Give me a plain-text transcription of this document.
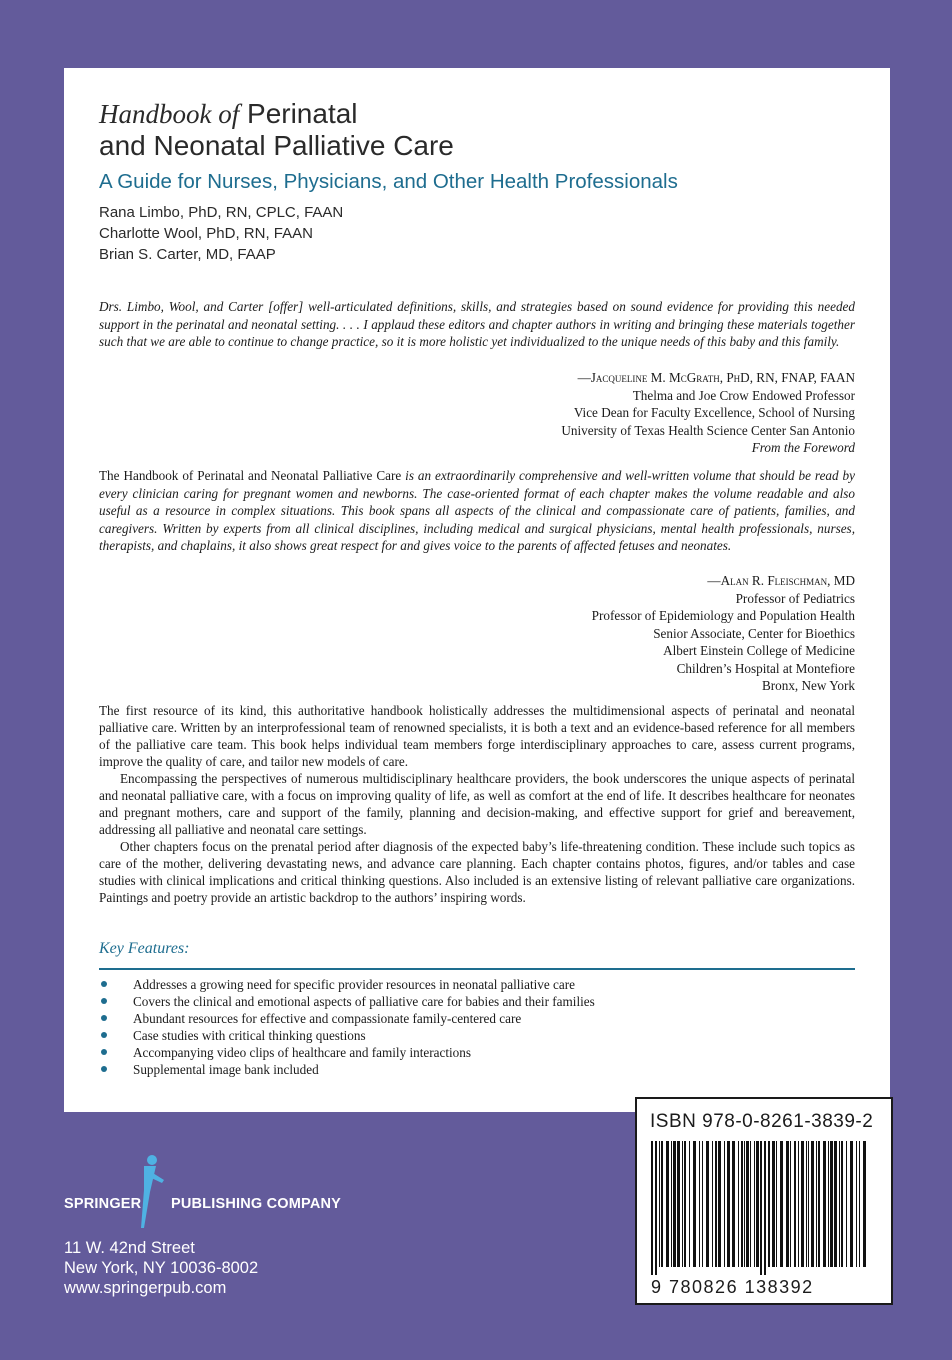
Handbook of Perinatal
and Neonatal Palliative Care
A Guide for Nurses, Physicians, and Other Health Professionals
Rana Limbo, PhD, RN, CPLC, FAAN
Charlotte Wool, PhD, RN, FAAN
Brian S. Carter, MD, FAAP
Drs. Limbo, Wool, and Carter [offer] well-articulated definitions, skills, and strategies based on sound evidence for providing this needed support in the perinatal and neonatal setting. . . . I applaud these editors and chapter authors in writing and bringing these materials together such that we are able to continue to change practice, so it is more holistic yet individualized to the unique needs of this baby and this family.
—Jacqueline M. McGrath, PhD, RN, FNAP, FAAN
Thelma and Joe Crow Endowed Professor
Vice Dean for Faculty Excellence, School of Nursing
University of Texas Health Science Center San Antonio
From the Foreword
The Handbook of Perinatal and Neonatal Palliative Care is an extraordinarily comprehensive and well-written volume that should be read by every clinician caring for pregnant women and newborns. The case-oriented format of each chapter makes the volume readable and also useful as a resource in complex situations. This book spans all aspects of the clinical and compassionate care of patients, families, and caregivers. Written by experts from all clinical disciplines, including medical and surgical physicians, mental health professionals, nurses, therapists, and chaplains, it also shows great respect for and gives voice to the parents of affected fetuses and neonates.
—Alan R. Fleischman, MD
Professor of Pediatrics
Professor of Epidemiology and Population Health
Senior Associate, Center for Bioethics
Albert Einstein College of Medicine
Children’s Hospital at Montefiore
Bronx, New York

The first resource of its kind, this authoritative handbook holistically addresses the multidimensional aspects of perinatal and neonatal palliative care. Written by an interprofessional team of renowned specialists, it is both a text and an evidence-based reference for all members of the palliative care team. This book helps individual team members forge interdisciplinary approaches to care, assess current programs, improve the quality of care, and tailor new models of care.

Encompassing the perspectives of numerous multidisciplinary healthcare providers, the book underscores the unique aspects of perinatal and neonatal palliative care, with a focus on improving quality of life, as well as comfort at the end of life. It describes healthcare for neonates and pregnant mothers, care and support of the family, planning and decision-making, and effective support for grief and bereavement, addressing all palliative and neonatal care settings.

Other chapters focus on the prenatal period after diagnosis of the expected baby’s life-threatening condition. These include such topics as care of the mother, delivering devastating news, and advance care planning. Each chapter contains photos, figures, and/or tables and case studies with clinical implications and critical thinking questions. Also included is an extensive listing of relevant palliative care organizations. Paintings and poetry provide an artistic backdrop to the authors’ inspiring words.

Key Features:
Addresses a growing need for specific provider resources in neonatal palliative care
Covers the clinical and emotional aspects of palliative care for babies and their families
Abundant resources for effective and compassionate family-centered care
Case studies with critical thinking questions
Accompanying video clips of healthcare and family interactions
Supplemental image bank included
ISBN 978-0-8261-3839-2
9 780826 138392
SPRINGER PUBLISHING COMPANY
11 W. 42nd Street
New York, NY 10036-8002
www.springerpub.com
